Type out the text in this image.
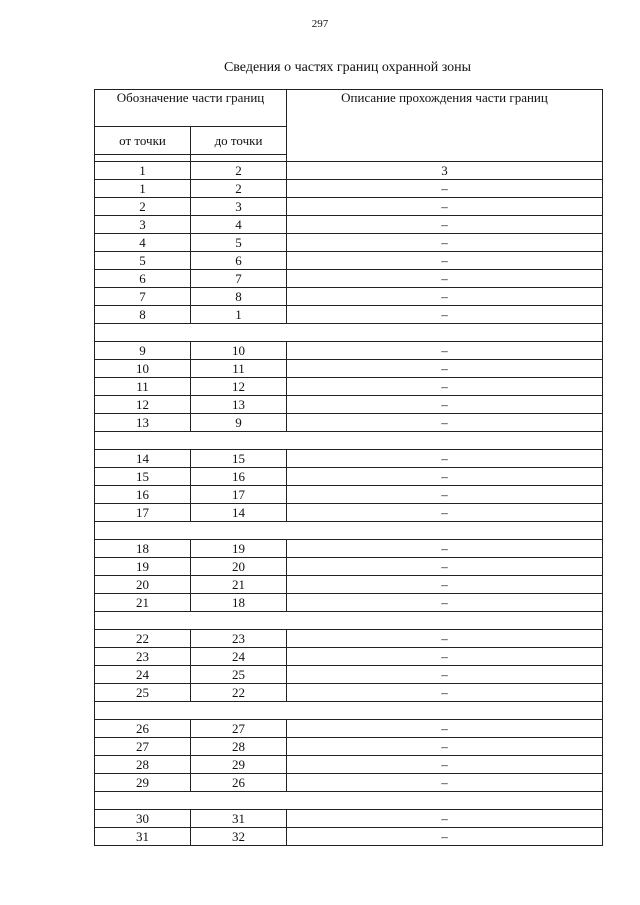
297
Сведения о частях границ охранной зоны
Обозначение части границ		Описание прохождения части границ
от точки	до точки	

1	2	3
1	2	–
2	3	–
3	4	–
4	5	–
5	6	–
6	7	–
7	8	–
8	1	–

9	10	–
10	11	–
11	12	–
12	13	–
13	9	–

14	15	–
15	16	–
16	17	–
17	14	–

18	19	–
19	20	–
20	21	–
21	18	–

22	23	–
23	24	–
24	25	–
25	22	–

26	27	–
27	28	–
28	29	–
29	26	–

30	31	–
31	32	–
